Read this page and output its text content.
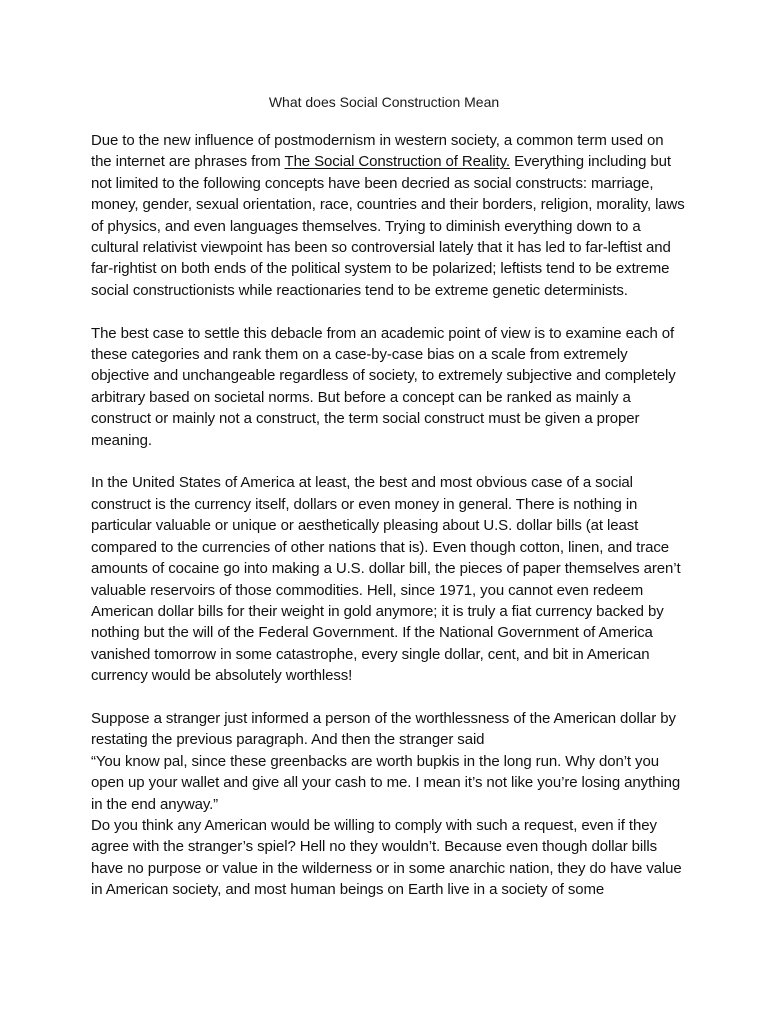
What does Social Construction Mean

Due to the new influence of postmodernism in western society, a common term used on the internet are phrases from The Social Construction of Reality. Everything including but not limited to the following concepts have been decried as social constructs: marriage, money, gender, sexual orientation, race, countries and their borders, religion, morality, laws of physics, and even languages themselves. Trying to diminish everything down to a cultural relativist viewpoint has been so controversial lately that it has led to far-leftist and far-rightist on both ends of the political system to be polarized; leftists tend to be extreme social constructionists while reactionaries tend to be extreme genetic determinists.

The best case to settle this debacle from an academic point of view is to examine each of these categories and rank them on a case-by-case bias on a scale from extremely objective and unchangeable regardless of society, to extremely subjective and completely arbitrary based on societal norms. But before a concept can be ranked as mainly a construct or mainly not a construct, the term social construct must be given a proper meaning.

In the United States of America at least, the best and most obvious case of a social construct is the currency itself, dollars or even money in general. There is nothing in particular valuable or unique or aesthetically pleasing about U.S. dollar bills (at least compared to the currencies of other nations that is). Even though cotton, linen, and trace amounts of cocaine go into making a U.S. dollar bill, the pieces of paper themselves aren’t valuable reservoirs of those commodities. Hell, since 1971, you cannot even redeem American dollar bills for their weight in gold anymore; it is truly a fiat currency backed by nothing but the will of the Federal Government. If the National Government of America vanished tomorrow in some catastrophe, every single dollar, cent, and bit in American currency would be absolutely worthless!

Suppose a stranger just informed a person of the worthlessness of the American dollar by restating the previous paragraph. And then the stranger said

“You know pal, since these greenbacks are worth bupkis in the long run. Why don’t you open up your wallet and give all your cash to me. I mean it’s not like you’re losing anything in the end anyway.”

Do you think any American would be willing to comply with such a request, even if they agree with the stranger’s spiel? Hell no they wouldn’t. Because even though dollar bills have no purpose or value in the wilderness or in some anarchic nation, they do have value in American society, and most human beings on Earth live in a society of some
